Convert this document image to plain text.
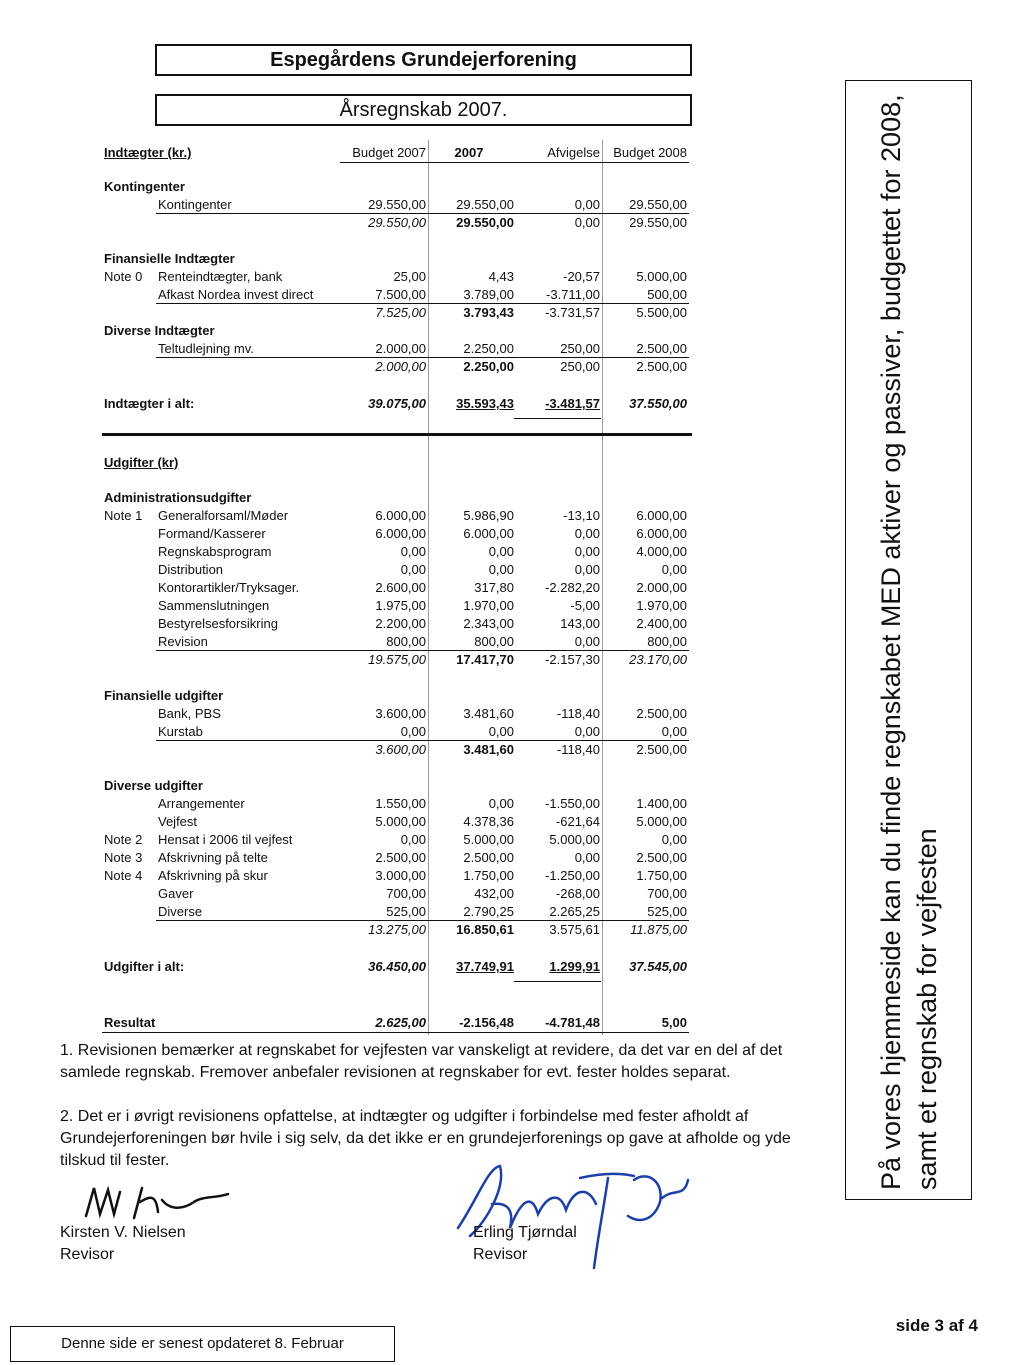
Espegårdens Grundejerforening
Årsregnskab 2007.
Indtægter (kr.)	Budget 2007	2007	Afvigelse	Budget 2008
Kontingenter
Kontingenter	29.550,00	29.550,00	0,00	29.550,00
29.550,00	29.550,00	0,00	29.550,00
Finansielle Indtægter
Note 0 Renteindtægter, bank	25,00	4,43	-20,57	5.000,00
Afkast Nordea invest direct	7.500,00	3.789,00	-3.711,00	500,00
7.525,00	3.793,43	-3.731,57	5.500,00
Diverse Indtægter
Teltudlejning mv.	2.000,00	2.250,00	250,00	2.500,00
2.000,00	2.250,00	250,00	2.500,00
Indtægter i alt:	39.075,00	35.593,43	-3.481,57	37.550,00
Udgifter (kr)
Administrationsudgifter
Note 1 Generalforsaml/Møder	6.000,00	5.986,90	-13,10	6.000,00
Formand/Kasserer	6.000,00	6.000,00	0,00	6.000,00
Regnskabsprogram	0,00	0,00	0,00	4.000,00
Distribution	0,00	0,00	0,00	0,00
Kontorartikler/Tryksager.	2.600,00	317,80	-2.282,20	2.000,00
Sammenslutningen	1.975,00	1.970,00	-5,00	1.970,00
Bestyrelsesforsikring	2.200,00	2.343,00	143,00	2.400,00
Revision	800,00	800,00	0,00	800,00
19.575,00	17.417,70	-2.157,30	23.170,00
Finansielle udgifter
Bank, PBS	3.600,00	3.481,60	-118,40	2.500,00
Kurstab	0,00	0,00	0,00	0,00
3.600,00	3.481,60	-118,40	2.500,00
Diverse udgifter
Arrangementer	1.550,00	0,00	-1.550,00	1.400,00
Vejfest	5.000,00	4.378,36	-621,64	5.000,00
Note 2 Hensat i 2006 til vejfest	0,00	5.000,00	5.000,00	0,00
Note 3 Afskrivning på telte	2.500,00	2.500,00	0,00	2.500,00
Note 4 Afskrivning på skur	3.000,00	1.750,00	-1.250,00	1.750,00
Gaver	700,00	432,00	-268,00	700,00
Diverse	525,00	2.790,25	2.265,25	525,00
13.275,00	16.850,61	3.575,61	11.875,00
Udgifter i alt:	36.450,00	37.749,91	1.299,91	37.545,00
Resultat	2.625,00	-2.156,48	-4.781,48	5,00
1. Revisionen bemærker at regnskabet for vejfesten var vanskeligt at revidere, da det var en del af det samlede regnskab. Fremover anbefaler revisionen at regnskaber for evt. fester holdes separat.
2. Det er i øvrigt revisionens opfattelse, at indtægter og udgifter i forbindelse med fester afholdt af Grundejerforeningen bør hvile i sig selv, da det ikke er en grundejerforenings op gave at afholde og yde tilskud til fester.
Kirsten V. Nielsen
Revisor
Erling Tjørndal
Revisor
På vores hjemmeside kan du finde regnskabet MED aktiver og passiver, budgettet for 2008, samt et regnskab for vejfesten
side 3 af 4
Denne side er senest opdateret 8. Februar
